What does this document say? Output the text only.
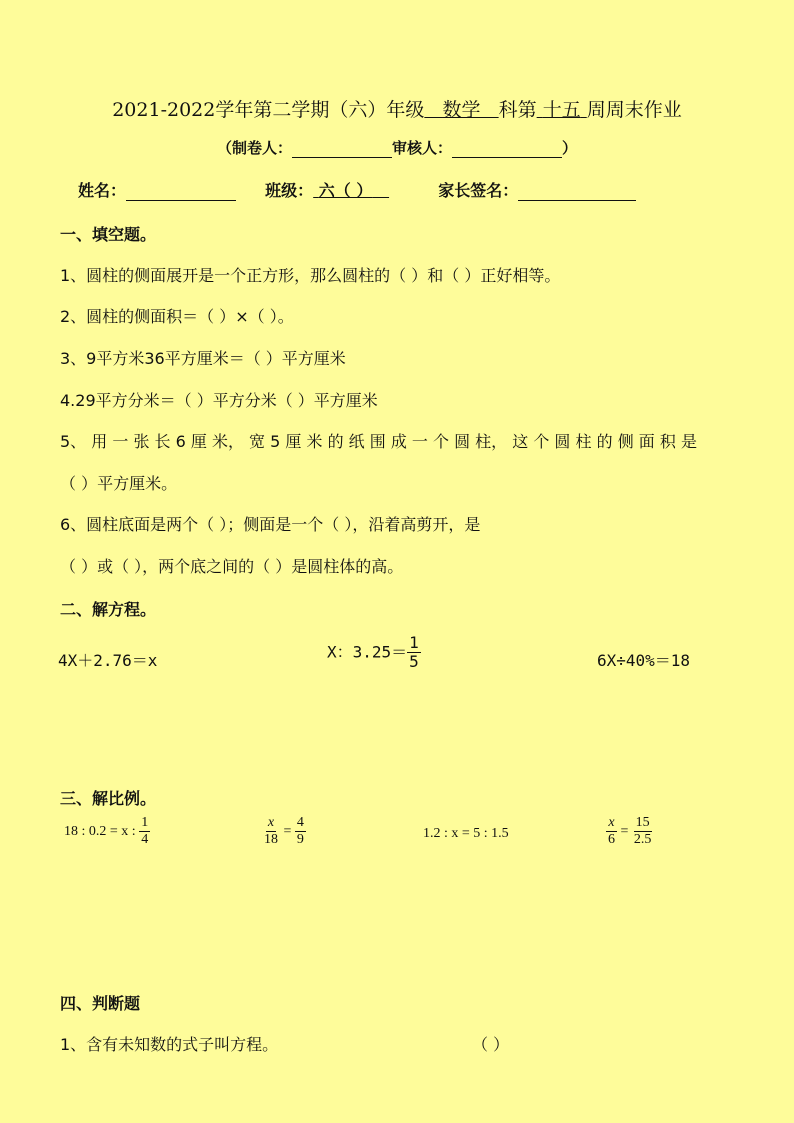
2021-2022学年第二学期（六）年级 数学 科第 十五 周周末作业
（制卷人：	审核人：	）
姓名：	班级： 六（ ）	家长签名：
一、填空题。
1、圆柱的侧面展开是一个正方形，那么圆柱的（ ）和（ ）正好相等。
2、圆柱的侧面积＝（ ）×（ ）。
3、9平方米36平方厘米＝（ ）平方厘米
4.29平方分米＝（ ）平方分米（ ）平方厘米
5、 用 一 张 长 6 厘 米， 宽 5 厘 米 的 纸 围 成 一 个 圆 柱， 这 个 圆 柱 的 侧 面 积 是
（ ）平方厘米。
6、圆柱底面是两个（ ）；侧面是一个（ ），沿着高剪开，是
（ ）或（ ），两个底之间的（ ）是圆柱体的高。
二、解方程。
4X＋2.76＝x	X：$3.25= \frac{1}{5}$	6X÷40%＝18
三、解比例。
18 : 0.2 = x : $\frac{1}{4}$	$\frac{x}{18} = \frac{4}{9}$	1.2 : x = 5 : 1.5	$\frac{x}{6} = \frac{15}{2.5}$
四、判断题
1、含有未知数的式子叫方程。	（ ）
